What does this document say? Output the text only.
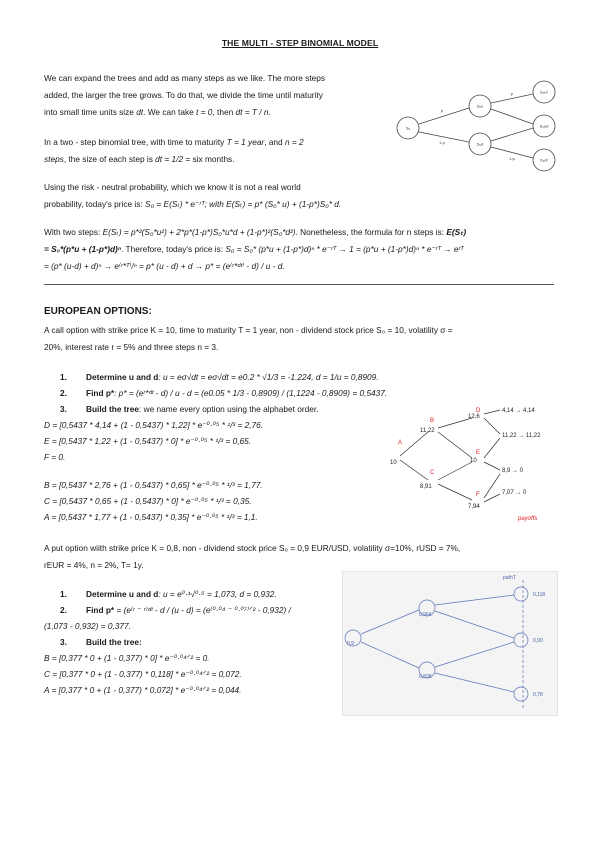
THE MULTI - STEP BINOMIAL MODEL

We can expand the trees and add as many steps as we like. The more steps
added, the larger the tree grows. To do that, we divide the time until maturity
into small time units size dt. We can take t = 0, then dt = T / n.

In a two - step binomial tree, with time to maturity T = 1 year, and n = 2
steps, the size of each step is dt = 1/2 = six months.

Using the risk - neutral probability, which we know it is not a real world
probability, today's price is: S₀ = E(Sₜ) * e⁻ʳᵀ; with E(Sₜ) = p* (S₀* u) + (1-p*)S₀* d.

With two steps: E(Sₜ) = p*²(S₀*u²) + 2*p*(1-p*)S₀*u*d + (1-p*)²(S₀*d²). Nonetheless, the formula for n steps is: E(Sₜ)
= S₀*(p*u + (1-p*)d)ⁿ. Therefore, today's price is: S₀ = S₀* (p*u + (1-p*)d)ⁿ * e⁻ʳᵀ → 1 = (p*u + (1-p*)d)ⁿ * e⁻ʳᵀ → eʳᵀ
= (p* (u-d) + d)ⁿ → e⁽ʳ*ᵀ⁾/ⁿ = p* (u - d) + d → p* = (e⁽ʳ*ᵈᵗ⁾ - d) / u - d.

S₀
S₀u
S₀d
S₀u²
S₀ud
S₀d²
p
1-p
p
1-p
EUROPEAN OPTIONS:

A call option with strike price K = 10, time to maturity T = 1 year, non - dividend stock price S₀ = 10, volatility σ =
20%, interest rate r = 5% and three steps n = 3.

1. Determine u and d: u = eσ√dt = eσ√dt = e0.2 * √1/3 = -1.224, d = 1/u = 0,8909.
2. Find p*: p* = (eʳ*ᵈᵗ - d) / u - d = (e0.05 * 1/3 - 0,8909) / (1,1224 - 0,8909) = 0,5437.
3. Build the tree: we name every option using the alphabet order.
D = [0,5437 * 4,14 + (1 - 0,5437) * 1,22] * e⁻⁰·⁰⁵ * ¹/³ = 2,76.
E = [0,5437 * 1,22 + (1 - 0,5437) * 0] * e⁻⁰·⁰⁵ * ¹/³ = 0,65.
F = 0.
B = [0,5437 * 2,76 + (1 - 0,5437) * 0,65] * e⁻⁰·⁰⁵ * ¹/³ = 1,77.
C = [0,5437 * 0,65 + (1 - 0,5437) * 0] * e⁻⁰·⁰⁵ * ¹/³ = 0,35.
A = [0,5437 * 1,77 + (1 - 0,5437) * 0,35] * e⁻⁰·⁰⁵ * ¹/³ = 1,1.
A
10
B
11,22
C
8,91
D
12,6
E
10
F
7,94
4,14 → 4,14
11,22 → 11,22
8,9 → 0
7,07 → 0
payoffs

A put option wiith strike price K = 0,8, non - dividend stock price S₀ = 0,9 EUR/USD, volatility σ=10%, rUSD = 7%,
rEUR = 4%, n = 2%, T= 1y.

1. Determine u and d: u = e⁰·¹√⁰·⁵ = 1,073, d = 0,932.
2. Find p* = (e⁽ʳ ⁻ ʳ⁾ᵈᵗ - d / (u - d) = (e⁽⁰·⁰⁴ ⁻ ⁰·⁰⁷⁾ᐟ² - 0,932) /
(1,073 - 0,932) = 0,377.
3. Build the tree:
B = [0,377 * 0 + (1 - 0,377) * 0] * e⁻⁰·⁰⁴ᐟ² = 0.
C = [0,377 * 0 + (1 - 0,377) * 0,118] * e⁻⁰·⁰⁴ᐟ² = 0,072.
A = [0,377 * 0 + (1 - 0,377) * 0,072] * e⁻⁰·⁰⁴ᐟ² = 0,044.
pathT
0,9
0,964
0,838
0,118
0,90
0,78
